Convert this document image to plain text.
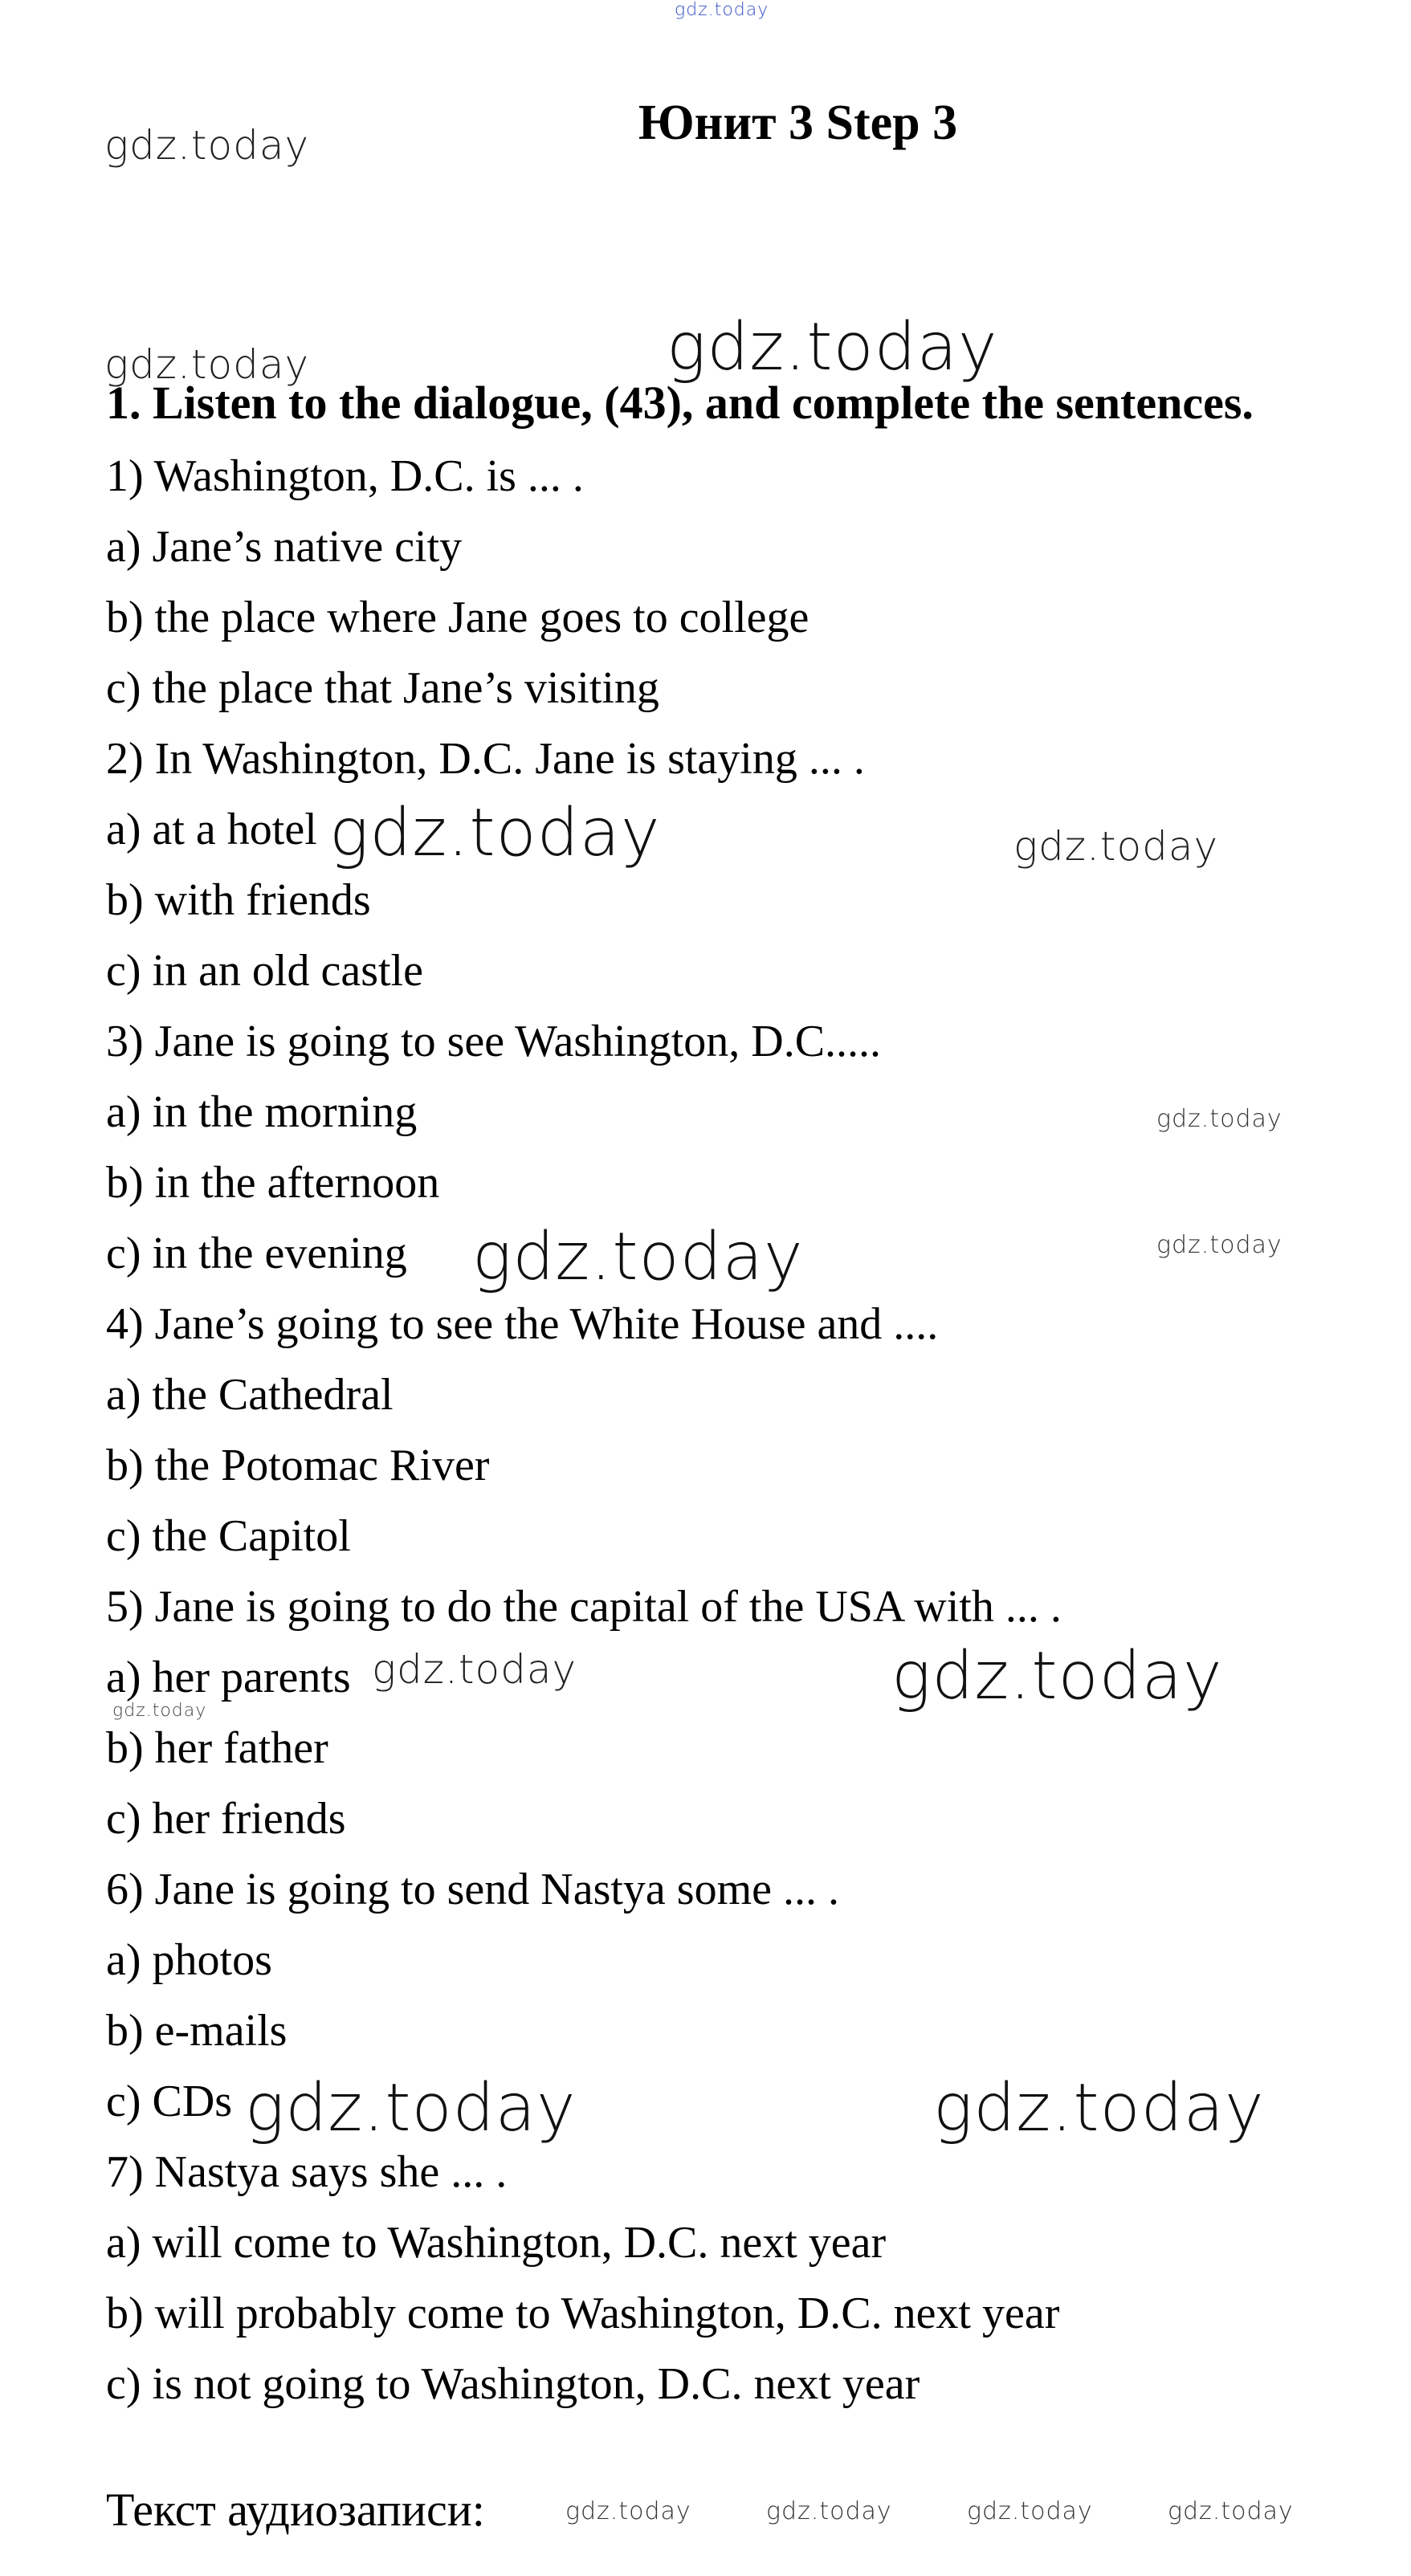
gdz.today
Юнит 3 Step 3
gdz.today
gdz.today	gdz.today
1. Listen to the dialogue, (43), and complete the sentences.
1) Washington, D.C. is ... .
a) Jane’s native city
b) the place where Jane goes to college
c) the place that Jane’s visiting
2) In Washington, D.C. Jane is staying ... .
a) at a hotel
b) with friends
c) in an old castle
3) Jane is going to see Washington, D.C.....
a) in the morning
b) in the afternoon
c) in the evening
4) Jane’s going to see the White House and ....
a) the Cathedral
b) the Potomac River
c) the Capitol
5) Jane is going to do the capital of the USA with ... .
a) her parents
b) her father
c) her friends
6) Jane is going to send Nastya some ... .
a) photos
b) e-mails
c) CDs
7) Nastya says she ... .
a) will come to Washington, D.C. next year
b) will probably come to Washington, D.C. next year
c) is not going to Washington, D.C. next year
gdz.today	gdz.today
gdz.today
gdz.today
gdz.today
gdz.today	gdz.today
gdz.today
gdz.today	gdz.today
Текст аудиозаписи:	gdz.today	gdz.today	gdz.today	gdz.today
